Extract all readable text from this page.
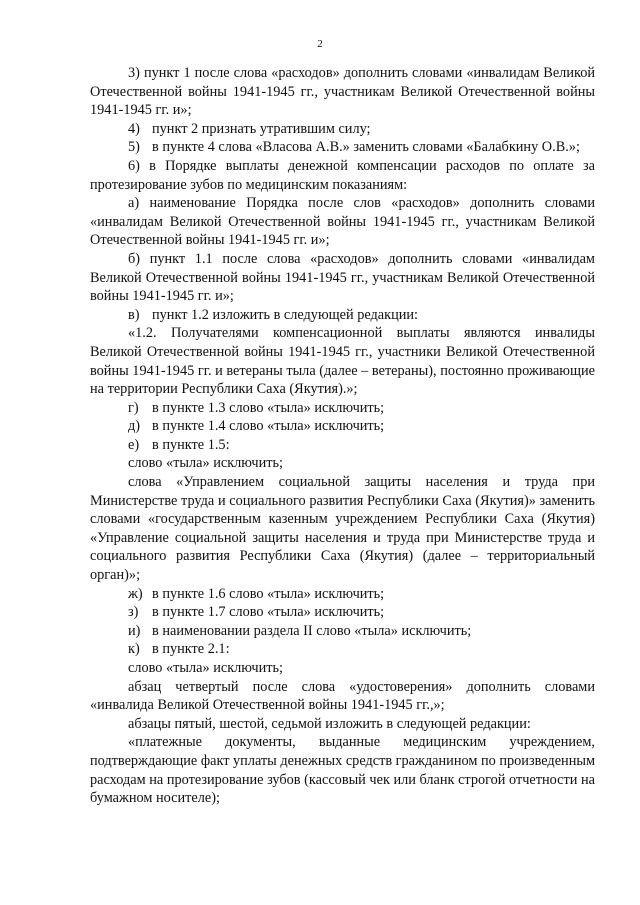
2

3) пункт 1 после слова «расходов» дополнить словами «инвалидам Великой Отечественной войны 1941-1945 гг., участникам Великой Отечественной войны 1941-1945 гг. и»;

4) пункт 2 признать утратившим силу;
5) в пункте 4 слова «Власова А.В.» заменить словами «Балабкину О.В.»;

6) в Порядке выплаты денежной компенсации расходов по оплате за протезирование зубов по медицинским показаниям:

а) наименование Порядка после слов «расходов» дополнить словами «инвалидам Великой Отечественной войны 1941-1945 гг., участникам Великой Отечественной войны 1941-1945 гг. и»;

б) пункт 1.1 после слова «расходов» дополнить словами «инвалидам Великой Отечественной войны 1941-1945 гг., участникам Великой Отечественной войны 1941-1945 гг. и»;

в) пункт 1.2 изложить в следующей редакции:

«1.2. Получателями компенсационной выплаты являются инвалиды Великой Отечественной войны 1941-1945 гг., участники Великой Отечественной войны 1941-1945 гг. и ветераны тыла (далее – ветераны), постоянно проживающие на территории Республики Саха (Якутия).»;

г) в пункте 1.3 слово «тыла» исключить;
д) в пункте 1.4 слово «тыла» исключить;
е) в пункте 1.5:

слово «тыла» исключить;

слова «Управлением социальной защиты населения и труда при Министерстве труда и социального развития Республики Саха (Якутия)» заменить словами «государственным казенным учреждением Республики Саха (Якутия) «Управление социальной защиты населения и труда при Министерстве труда и социального развития Республики Саха (Якутия) (далее – территориальный орган)»;

ж) в пункте 1.6 слово «тыла» исключить;
з) в пункте 1.7 слово «тыла» исключить;
и) в наименовании раздела II слово «тыла» исключить;
к) в пункте 2.1:

слово «тыла» исключить;

абзац четвертый после слова «удостоверения» дополнить словами «инвалида Великой Отечественной войны 1941-1945 гг.,»;

абзацы пятый, шестой, седьмой изложить в следующей редакции:

«платежные документы, выданные медицинским учреждением, подтверждающие факт уплаты денежных средств гражданином по произведенным расходам на протезирование зубов (кассовый чек или бланк строгой отчетности на бумажном носителе);
